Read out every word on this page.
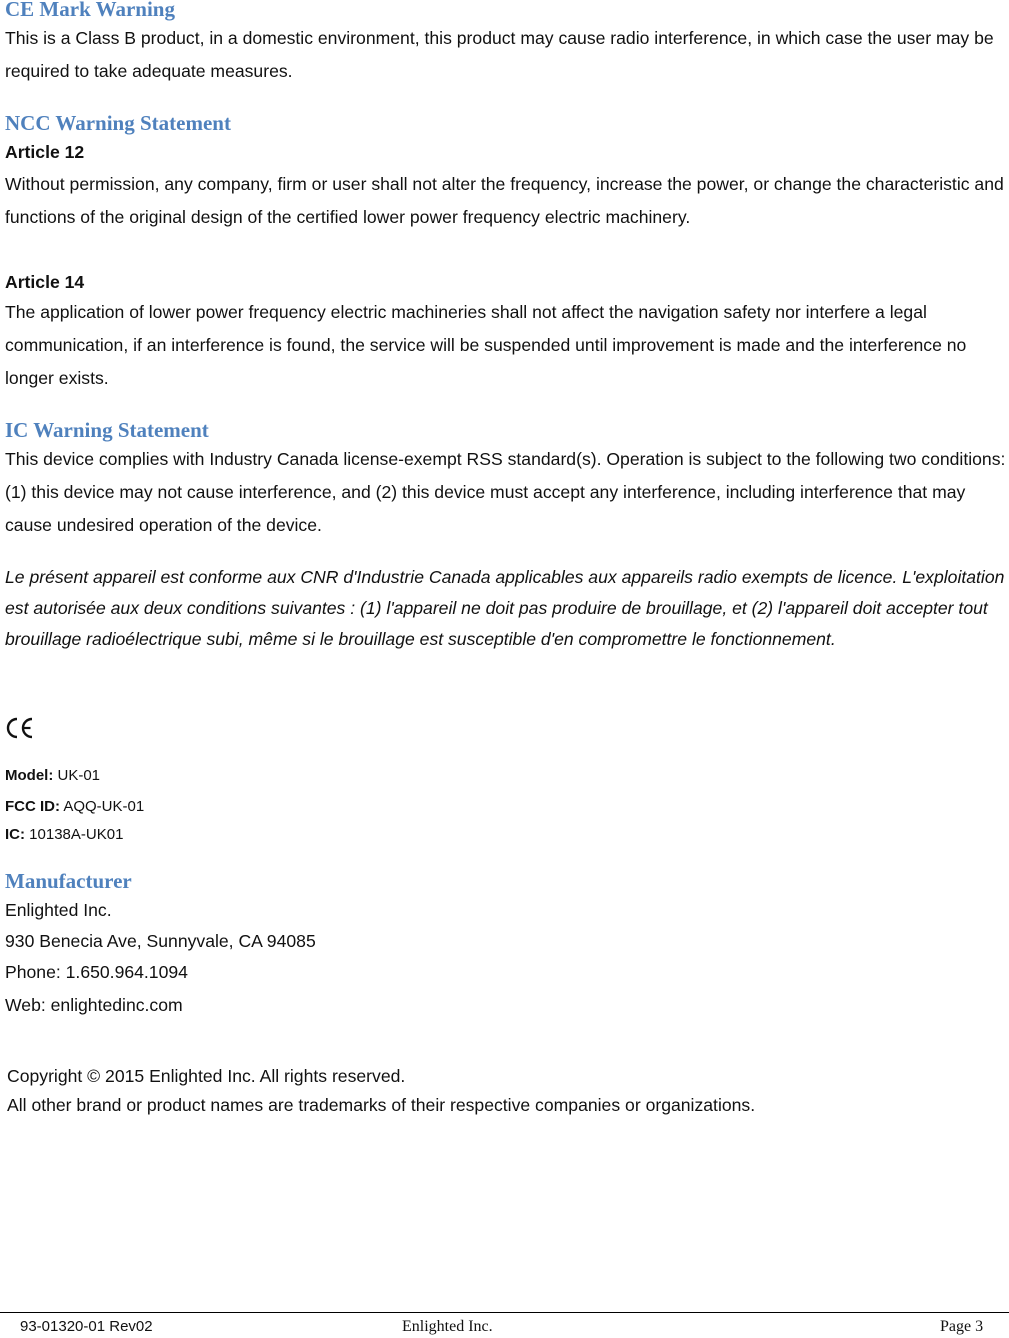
CE Mark Warning
This is a Class B product, in a domestic environment, this product may cause radio interference, in which case the user may be required to take adequate measures.
NCC Warning Statement
Article 12
Without permission, any company, firm or user shall not alter the frequency, increase the power, or change the characteristic and functions of the original design of the certified lower power frequency electric machinery.
Article 14
The application of lower power frequency electric machineries shall not affect the navigation safety nor interfere a legal communication, if an interference is found, the service will be suspended until improvement is made and the interference no longer exists.
IC Warning Statement
This device complies with Industry Canada license-exempt RSS standard(s). Operation is subject to the following two conditions: (1) this device may not cause interference, and (2) this device must accept any interference, including interference that may cause undesired operation of the device.
Le présent appareil est conforme aux CNR d'Industrie Canada applicables aux appareils radio exempts de licence. L'exploitation est autorisée aux deux conditions suivantes : (1) l'appareil ne doit pas produire de brouillage, et (2) l'appareil doit accepter tout brouillage radioélectrique subi, même si le brouillage est susceptible d'en compromettre le fonctionnement.
Model: UK-01
FCC ID: AQQ-UK-01
IC: 10138A-UK01
Manufacturer
Enlighted Inc.
930 Benecia Ave, Sunnyvale, CA 94085
Phone: 1.650.964.1094
Web: enlightedinc.com
Copyright © 2015 Enlighted Inc. All rights reserved.
All other brand or product names are trademarks of their respective companies or organizations.
93-01320-01 Rev02	Enlighted Inc.	Page 3
